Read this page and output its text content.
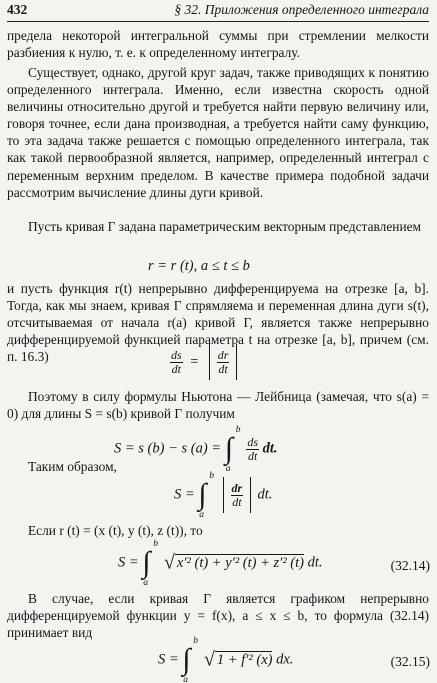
432	§ 32. Приложения определенного интеграла

предела некоторой интегральной суммы при стремлении мелкости разбиения к нулю, т. е. к определенному интегралу.

Существует, однако, другой круг задач, также приводящих к понятию определенного интеграла. Именно, если известна скорость одной величины относительно другой и требуется найти первую величину или, говоря точнее, если дана производная, а требуется найти саму функцию, то эта задача также решается с помощью определенного интеграла, так как такой первообразной является, например, определенный интеграл с переменным верхним пределом. В качестве примера подобной задачи рассмотрим вычисление длины дуги кривой.

Пусть кривая Г задана параметрическим векторным представлением

r = r (t), a ≤ t ≤ b

и пусть функция r(t) непрерывно дифференцируема на отрезке [a, b]. Тогда, как мы знаем, кривая Г спрямляема и переменная длина дуги s(t), отсчитываемая от начала r(a) кривой Г, является также непрерывно дифференцируемой функцией параметра t на отрезке [a, b], причем (см. п. 16.3)	$\frac{ds}{dt} = \frac{dr}{dt}$

Поэтому в силу формулы Ньютона — Лейбница (замечая, что s(a) = 0) для длины S = s(b) кривой Г получим

S = s (b) − s (a) = ∫
b
a

$\frac{ds}{dt}$ dt.

Таким образом,

S = ∫
b
a

$\frac{dr}{dt}$ dt.

Если r (t) = (x (t), y (t), z (t)), то

S = ∫
b
a
√ x′² (t) + y′² (t) + z′² (t) dt.	(32.14)

В случае, если кривая Г является графиком непрерывно дифференцируемой функции y = f(x), a ≤ x ≤ b, то формула (32.14) принимает вид

S = ∫
b
a
√ 1 + f′² (x) dx.	(32.15)
